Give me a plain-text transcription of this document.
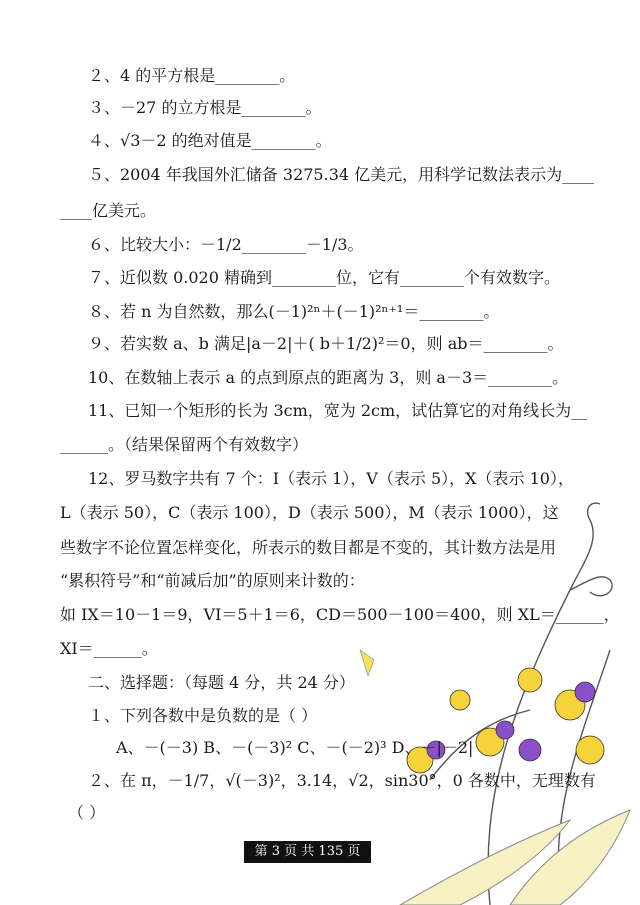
２、4 的平方根是________。
３、－27 的立方根是________。
４、√3－2 的绝对值是________。
５、2004 年我国外汇储备 3275.34 亿美元，用科学记数法表示为____
____亿美元。
６、比较大小：－1/2________－1/3。
７、近似数 0.020 精确到________位，它有________个有效数字。
８、若 n 为自然数，那么(－1)²ⁿ＋(－1)²ⁿ⁺¹＝________。
９、若实数 a、b 满足|a－2|＋( b＋1/2)²＝0，则 ab＝________。
10、在数轴上表示 a 的点到原点的距离为 3，则 a－3＝________。
11、已知一个矩形的长为 3cm，宽为 2cm，试估算它的对角线长为__
______。（结果保留两个有效数字）
12、罗马数字共有 7 个：I（表示 1），V（表示 5），X（表示 10），
L（表示 50），C（表示 100），D（表示 500），M（表示 1000），这
些数字不论位置怎样变化，所表示的数目都是不变的，其计数方法是用
“累积符号”和“前减后加”的原则来计数的：
如 IX＝10－1＝9，VI＝5＋1＝6，CD＝500－100＝400，则 XL＝______，
XI＝______。
二、选择题：（每题 4 分，共 24 分）
１、下列各数中是负数的是（ ）
A、－(－3) B、－(－3)² C、－(－2)³ D、－|－2|
２、在 π，－1/7，√(－3)²，3.14，√2，sin30°，0 各数中，无理数有
（ ）
第 3 页 共 135 页
